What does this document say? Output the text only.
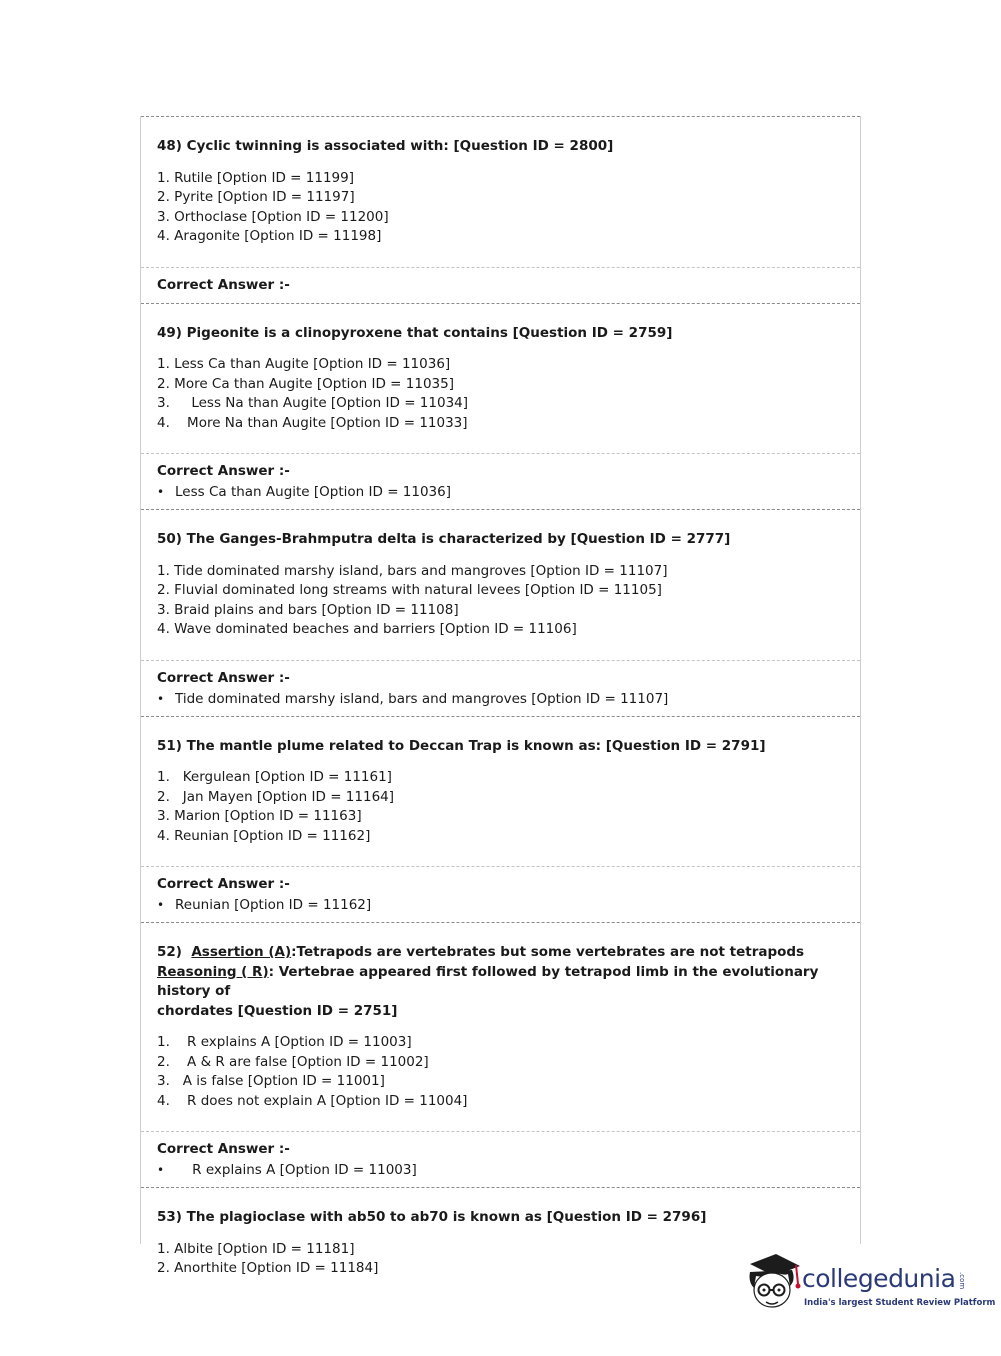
48) Cyclic twinning is associated with: [Question ID = 2800]

1. Rutile [Option ID = 11199]
2. Pyrite [Option ID = 11197]
3. Orthoclase [Option ID = 11200]
4. Aragonite [Option ID = 11198]

Correct Answer :-

49) Pigeonite is a clinopyroxene that contains [Question ID = 2759]

1. Less Ca than Augite [Option ID = 11036]
2. More Ca than Augite [Option ID = 11035]
3.     Less Na than Augite [Option ID = 11034]
4.    More Na than Augite [Option ID = 11033]

Correct Answer :-

• Less Ca than Augite [Option ID = 11036]

50) The Ganges-Brahmputra delta is characterized by [Question ID = 2777]

1. Tide dominated marshy island, bars and mangroves [Option ID = 11107]
2. Fluvial dominated long streams with natural levees [Option ID = 11105]
3. Braid plains and bars [Option ID = 11108]
4. Wave dominated beaches and barriers [Option ID = 11106]

Correct Answer :-

• Tide dominated marshy island, bars and mangroves [Option ID = 11107]

51) The mantle plume related to Deccan Trap is known as: [Question ID = 2791]

1.   Kergulean [Option ID = 11161]
2.   Jan Mayen [Option ID = 11164]
3. Marion [Option ID = 11163]
4. Reunian [Option ID = 11162]

Correct Answer :-

• Reunian [Option ID = 11162]

52)  Assertion (A):Tetrapods are vertebrates but some vertebrates are not tetrapods
Reasoning ( R): Vertebrae appeared first followed by tetrapod limb in the evolutionary history of
chordates [Question ID = 2751]

1.    R explains A [Option ID = 11003]
2.    A & R are false [Option ID = 11002]
3.   A is false [Option ID = 11001]
4.    R does not explain A [Option ID = 11004]

Correct Answer :-

•    R explains A [Option ID = 11003]

53) The plagioclase with ab50 to ab70 is known as [Question ID = 2796]

1. Albite [Option ID = 11181]
2. Anorthite [Option ID = 11184]	collegedunia .com

India's largest Student Review Platform
